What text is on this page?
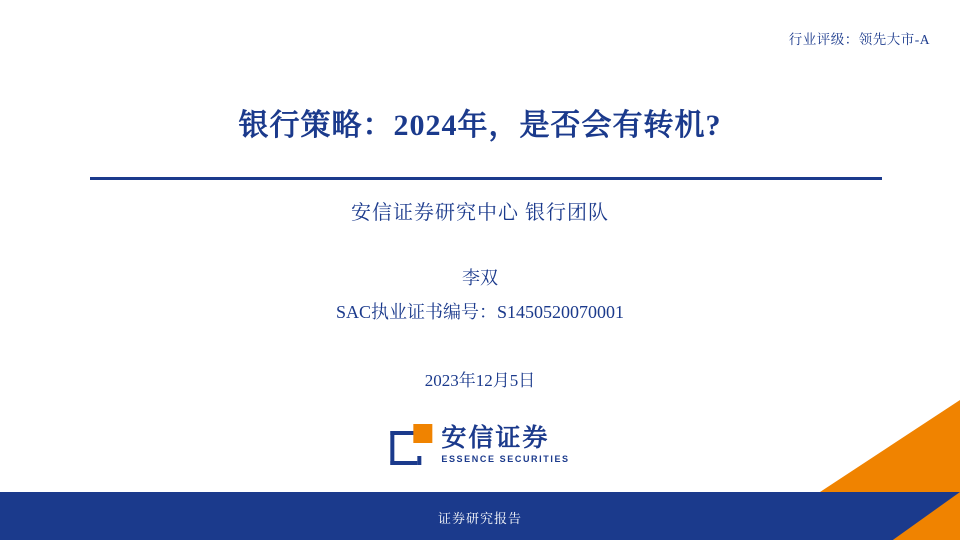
行业评级：领先大市-A
银行策略：2024年，是否会有转机?
安信证券研究中心 银行团队
李双
SAC执业证书编号：S1450520070001
2023年12月5日
安信证券
ESSENCE SECURITIES
证券研究报告
